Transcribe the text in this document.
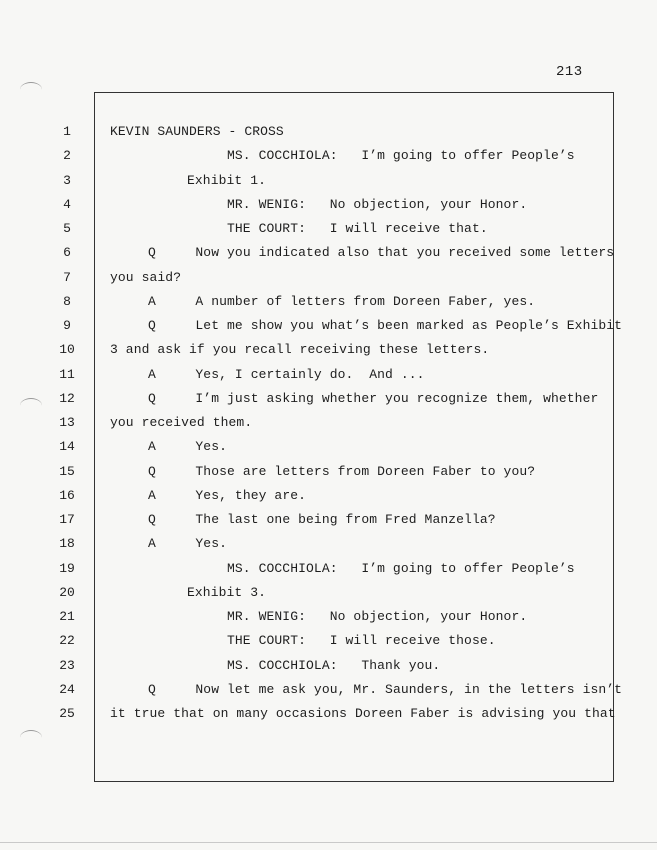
213
1	KEVIN SAUNDERS - CROSS
2	MS. COCCHIOLA:   I’m going to offer People’s
3	Exhibit 1.
4	MR. WENIG:   No objection, your Honor.
5	THE COURT:   I will receive that.
6	Q     Now you indicated also that you received some letters
7	you said?
8	A     A number of letters from Doreen Faber, yes.
9	Q     Let me show you what’s been marked as People’s Exhibit
10	3 and ask if you recall receiving these letters.
11	A     Yes, I certainly do.  And ...
12	Q     I’m just asking whether you recognize them, whether
13	you received them.
14	A     Yes.
15	Q     Those are letters from Doreen Faber to you?
16	A     Yes, they are.
17	Q     The last one being from Fred Manzella?
18	A     Yes.
19	MS. COCCHIOLA:   I’m going to offer People’s
20	Exhibit 3.
21	MR. WENIG:   No objection, your Honor.
22	THE COURT:   I will receive those.
23	MS. COCCHIOLA:   Thank you.
24	Q     Now let me ask you, Mr. Saunders, in the letters isn’t
25	it true that on many occasions Doreen Faber is advising you that
